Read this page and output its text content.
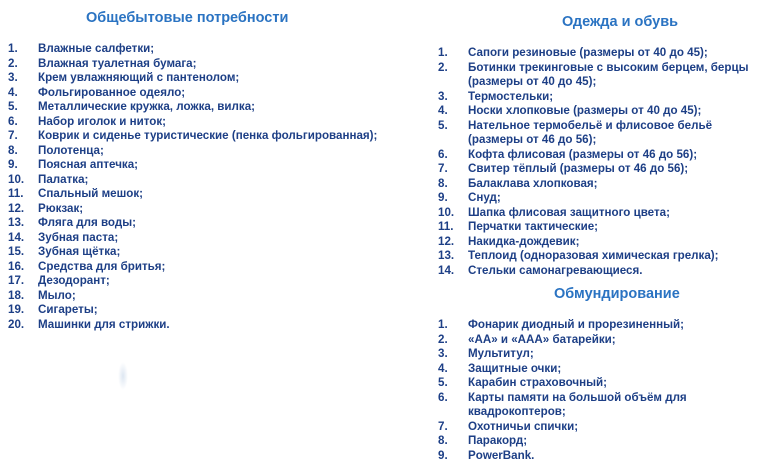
Общебытовые потребности
1. Влажные салфетки;
2. Влажная туалетная бумага;
3. Крем увлажняющий с пантенолом;
4. Фольгированное одеяло;
5. Металлические кружка, ложка, вилка;
6. Набор иголок и ниток;
7. Коврик и сиденье туристические (пенка фольгированная);
8. Полотенца;
9. Поясная аптечка;
10. Палатка;
11. Спальный мешок;
12. Рюкзак;
13. Фляга для воды;
14. Зубная паста;
15. Зубная щётка;
16. Средства для бритья;
17. Дезодорант;
18. Мыло;
19. Сигареты;
20. Машинки для стрижки.
Одежда и обувь
1. Сапоги резиновые (размеры от 40 до 45);
2. Ботинки трекинговые с высоким берцем, берцы
(размеры от 40 до 45);
3. Термостельки;
4. Носки хлопковые (размеры от 40 до 45);
5. Нательное термобельё и флисовое бельё
(размеры от 46 до 56);
6. Кофта флисовая (размеры от 46 до 56);
7. Свитер тёплый (размеры от 46 до 56);
8. Балаклава хлопковая;
9. Снуд;
10. Шапка флисовая защитного цвета;
11. Перчатки тактические;
12. Накидка-дождевик;
13. Теплоид (одноразовая химическая грелка);
14. Стельки самонагревающиеся.
Обмундирование
1. Фонарик диодный и прорезиненный;
2. «АА» и «ААА» батарейки;
3. Мультитул;
4. Защитные очки;
5. Карабин страховочный;
6. Карты памяти на большой объём для квадрокоптеров;
7. Охотничьи спички;
8. Паракорд;
9. PowerBank.
